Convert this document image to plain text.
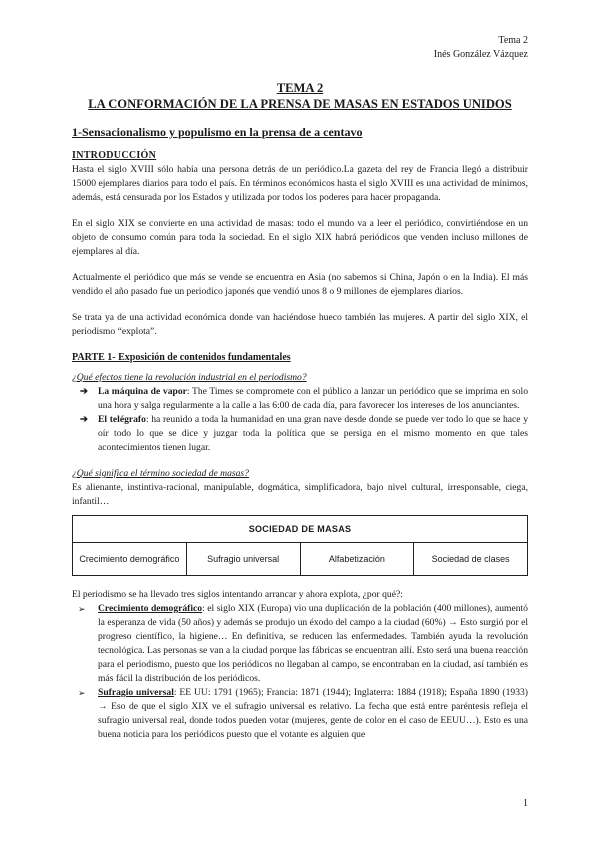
Tema 2
Inés González Vázquez
TEMA 2
LA CONFORMACIÓN DE LA PRENSA DE MASAS EN ESTADOS UNIDOS
1-Sensacionalismo y populismo en la prensa de a centavo
INTRODUCCIÓN

Hasta el siglo XVIII sólo había una persona detrás de un periódico.La gazeta del rey de Francia llegó a distribuir 15000 ejemplares diarios para todo el país. En términos económicos hasta el siglo XVIII es una actividad de mínimos, además, está censurada por los Estados y utilizada por todos los poderes para hacer propaganda.

En el siglo XIX se convierte en una actividad de masas: todo el mundo va a leer el periódico, convirtiéndose en un objeto de consumo común para toda la sociedad. En el siglo XIX habrá periódicos que venden incluso millones de ejemplares al día.

Actualmente el periódico que más se vende se encuentra en Asia (no sabemos si China, Japón o en la India). El más vendido el año pasado fue un periodico japonés que vendió unos 8 o 9 millones de ejemplares diarios.

Se trata ya de una actividad económica donde van haciéndose hueco también las mujeres. A partir del siglo XIX, el periodismo “explota”.

PARTE 1- Exposición de contenidos fundamentales
¿Qué efectos tiene la revolución industrial en el periodismo?
➔ La máquina de vapor: The Times se compromete con el público a lanzar un periódico que se imprima en solo una hora y salga regularmente a la calle a las 6:00 de cada día, para favorecer los intereses de los anunciantes.
➔ El telégrafo: ha reunido a toda la humanidad en una gran nave desde donde se puede ver todo lo que se hace y oír todo lo que se dice y juzgar toda la política que se persiga en el mismo momento en que tales acontecimientos tienen lugar.
¿Qué significa el término sociedad de masas?

Es alienante, instintiva-racional, manipulable, dogmática, simplificadora, bajo nivel cultural, irresponsable, ciega, infantil…

SOCIEDAD DE MASAS
Crecimiento demográfico	Sufragio universal	Alfabetización	Sociedad de clases

El periodismo se ha llevado tres siglos intentando arrancar y ahora explota, ¿por qué?:

➢ Crecimiento demográfico: el siglo XIX (Europa) vio una duplicación de la población (400 millones), aumentó la esperanza de vida (50 años) y además se produjo un éxodo del campo a la ciudad (60%) → Esto surgió por el progreso científico, la higiene… En definitiva, se reducen las enfermedades. También ayuda la revolución tecnológica. Las personas se van a la ciudad porque las fábricas se encuentran allí. Esto será una buena reacción para el periodismo, puesto que los periódicos no llegaban al campo, se encontraban en la ciudad, así también es más fácil la distribución de los periódicos.
➢ Sufragio universal: EE UU: 1791 (1965); Francia: 1871 (1944); Inglaterra: 1884 (1918); España 1890 (1933) → Eso de que el siglo XIX ve el sufragio universal es relativo. La fecha que está entre paréntesis refleja el sufragio universal real, donde todos pueden votar (mujeres, gente de color en el caso de EEUU…). Esto es una buena noticia para los periódicos puesto que el votante es alguien que
1
